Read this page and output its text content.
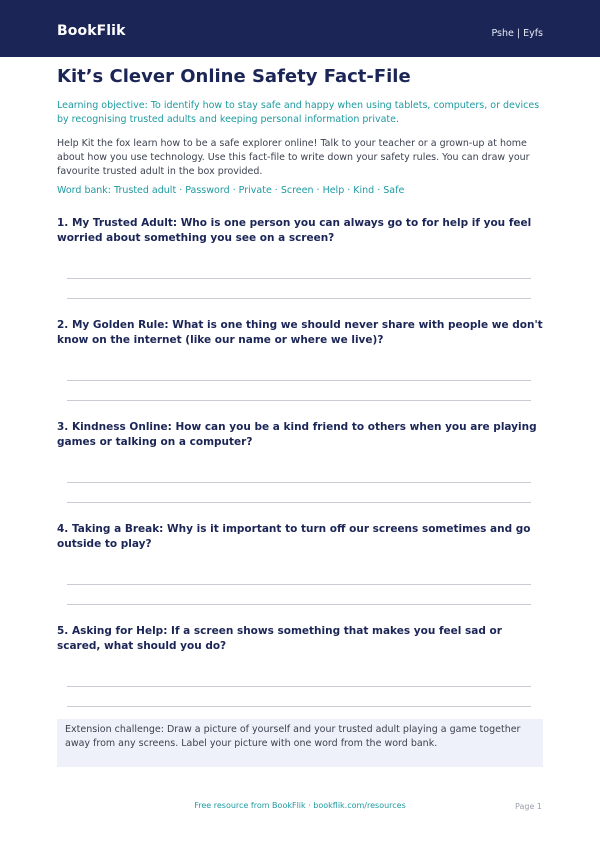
BookFlik	Pshe | Eyfs
Kit’s Clever Online Safety Fact-File
Learning objective: To identify how to stay safe and happy when using tablets, computers, or devices by recognising trusted adults and keeping personal information private.
Help Kit the fox learn how to be a safe explorer online! Talk to your teacher or a grown-up at home about how you use technology. Use this fact-file to write down your safety rules. You can draw your favourite trusted adult in the box provided.
Word bank: Trusted adult · Password · Private · Screen · Help · Kind · Safe
1. My Trusted Adult: Who is one person you can always go to for help if you feel worried about something you see on a screen?
2. My Golden Rule: What is one thing we should never share with people we don't know on the internet (like our name or where we live)?
3. Kindness Online: How can you be a kind friend to others when you are playing games or talking on a computer?
4. Taking a Break: Why is it important to turn off our screens sometimes and go outside to play?
5. Asking for Help: If a screen shows something that makes you feel sad or scared, what should you do?
Extension challenge: Draw a picture of yourself and your trusted adult playing a game together away from any screens. Label your picture with one word from the word bank.
Free resource from BookFlik · bookflik.com/resources	Page 1
